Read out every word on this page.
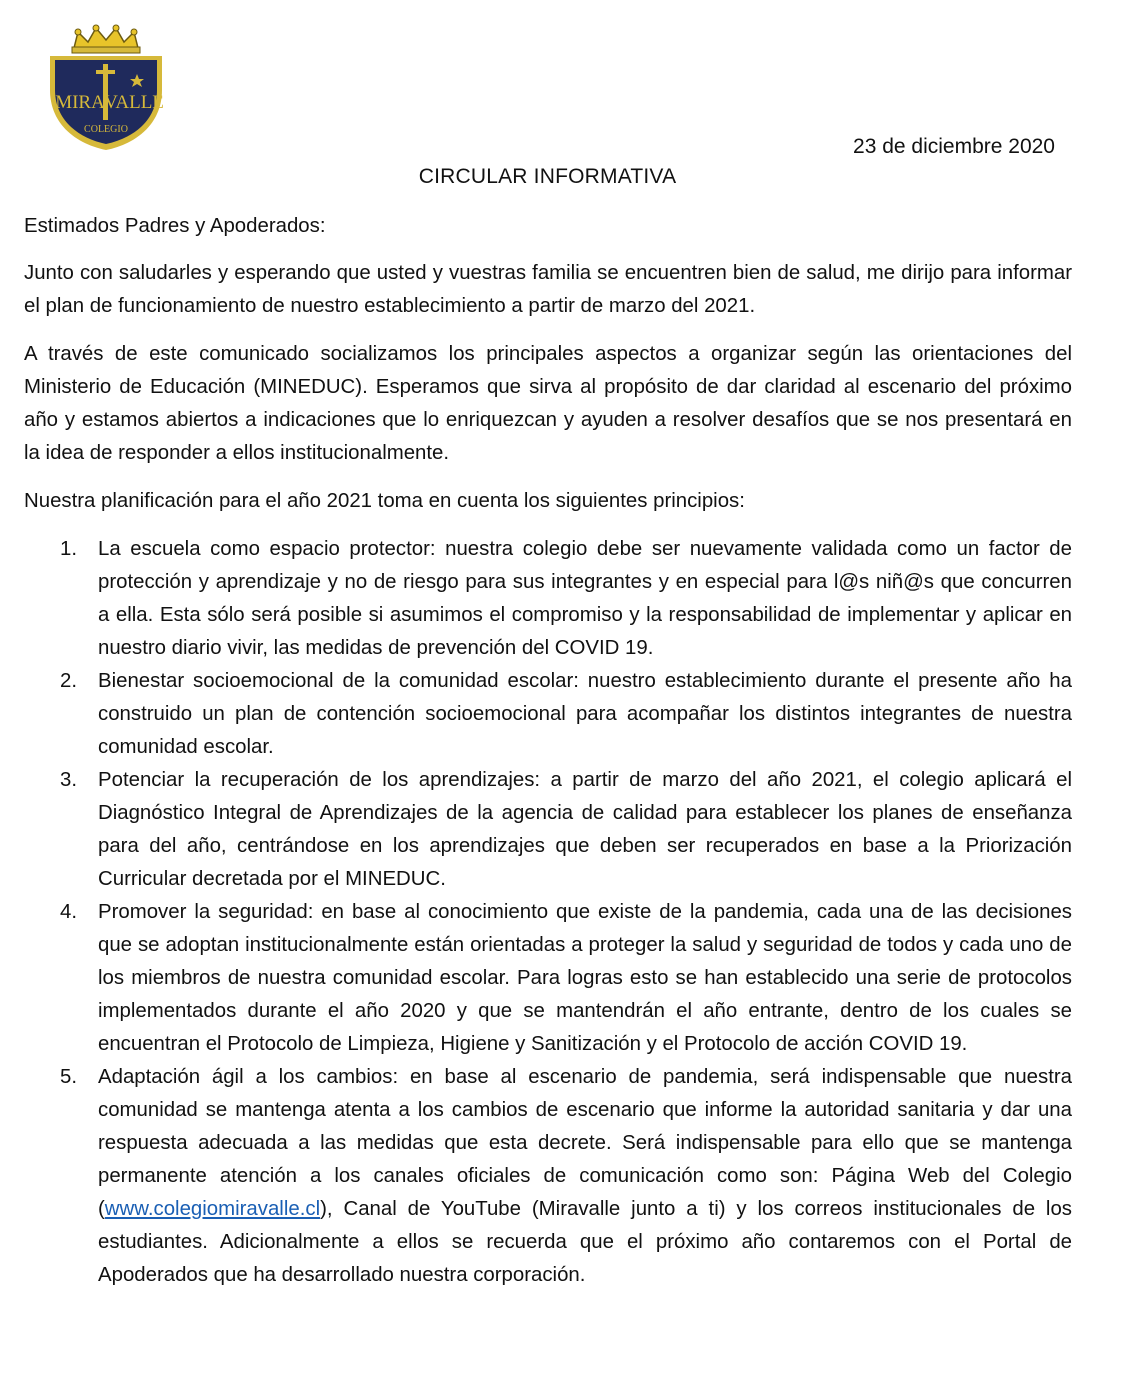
MIRA VALLE
COLEGIO
23 de diciembre 2020
CIRCULAR INFORMATIVA

Estimados Padres y Apoderados:

Junto con saludarles y esperando que usted y vuestras familia se encuentren bien de salud, me dirijo para informar el plan de funcionamiento de nuestro establecimiento a partir de marzo del 2021.

A través de este comunicado socializamos los principales aspectos a organizar según las orientaciones del Ministerio de Educación (MINEDUC). Esperamos que sirva al propósito de dar claridad al escenario del próximo año y estamos abiertos a indicaciones que lo enriquezcan y ayuden a resolver desafíos que se nos presentará en la idea de responder a ellos institucionalmente.

Nuestra planificación para el año 2021 toma en cuenta los siguientes principios:

1.	La escuela como espacio protector: nuestra colegio debe ser nuevamente validada como un factor de protección y aprendizaje y no de riesgo para sus integrantes y en especial para l@s niñ@s que concurren a ella. Esta sólo será posible si asumimos el compromiso y la responsabilidad de implementar y aplicar en nuestro diario vivir, las medidas de prevención del COVID 19.
2.	Bienestar socioemocional de la comunidad escolar: nuestro establecimiento durante el presente año ha construido un plan de contención socioemocional para acompañar los distintos integrantes de nuestra comunidad escolar.
3.	Potenciar la recuperación de los aprendizajes: a partir de marzo del año 2021, el colegio aplicará el Diagnóstico Integral de Aprendizajes de la agencia de calidad para establecer los planes de enseñanza para del año, centrándose en los aprendizajes que deben ser recuperados en base a la Priorización Curricular decretada por el MINEDUC.
4.	Promover la seguridad: en base al conocimiento que existe de la pandemia, cada una de las decisiones que se adoptan institucionalmente están orientadas a proteger la salud y seguridad de todos y cada uno de los miembros de nuestra comunidad escolar. Para logras esto se han establecido una serie de protocolos implementados durante el año 2020 y que se mantendrán el año entrante, dentro de los cuales se encuentran el Protocolo de Limpieza, Higiene y Sanitización y el Protocolo de acción COVID 19.
5.	Adaptación ágil a los cambios: en base al escenario de pandemia, será indispensable que nuestra comunidad se mantenga atenta a los cambios de escenario que informe la autoridad sanitaria y dar una respuesta adecuada a las medidas que esta decrete. Será indispensable para ello que se mantenga permanente atención a los canales oficiales de comunicación como son: Página Web del Colegio (www.colegiomiravalle.cl), Canal de YouTube (Miravalle junto a ti) y los correos institucionales de los estudiantes. Adicionalmente a ellos se recuerda que el próximo año contaremos con el Portal de Apoderados que ha desarrollado nuestra corporación.
